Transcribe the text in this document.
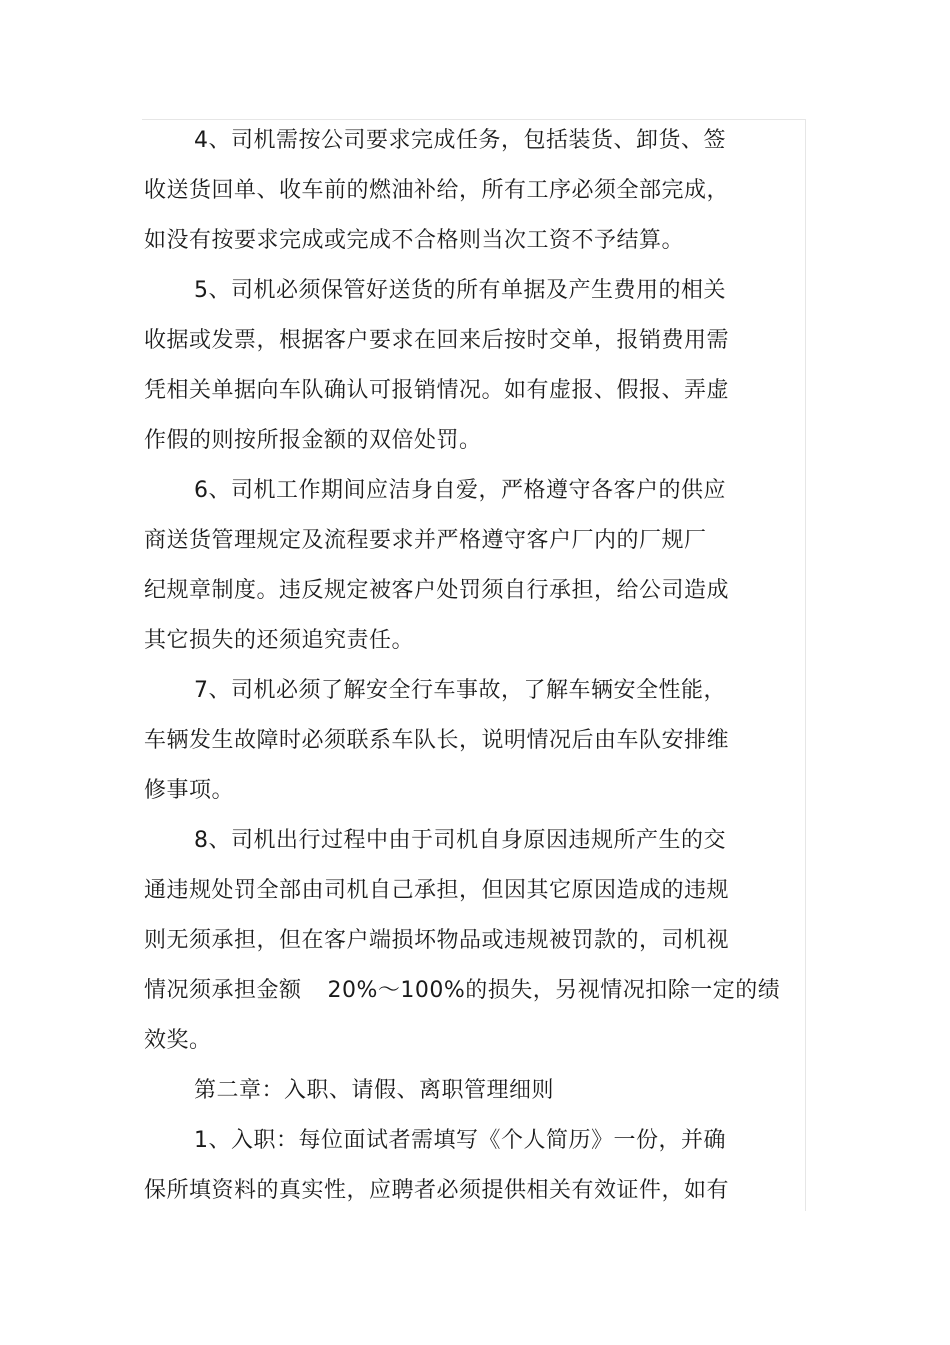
4、司机需按公司要求完成任务，包括装货、卸货、签
收送货回单、收车前的燃油补给，所有工序必须全部完成，
如没有按要求完成或完成不合格则当次工资不予结算。
5、司机必须保管好送货的所有单据及产生费用的相关
收据或发票，根据客户要求在回来后按时交单，报销费用需
凭相关单据向车队确认可报销情况。如有虚报、假报、弄虚
作假的则按所报金额的双倍处罚。
6、司机工作期间应洁身自爱，严格遵守各客户的供应
商送货管理规定及流程要求并严格遵守客户厂内的厂规厂
纪规章制度。违反规定被客户处罚须自行承担，给公司造成
其它损失的还须追究责任。
7、司机必须了解安全行车事故，了解车辆安全性能，
车辆发生故障时必须联系车队长，说明情况后由车队安排维
修事项。
8、司机出行过程中由于司机自身原因违规所产生的交
通违规处罚全部由司机自己承担，但因其它原因造成的违规
则无须承担，但在客户端损坏物品或违规被罚款的，司机视
情况须承担金额 20%～100%的损失，另视情况扣除一定的绩
效奖。
第二章：入职、请假、离职管理细则
1、入职：每位面试者需填写《个人简历》一份，并确
保所填资料的真实性，应聘者必须提供相关有效证件，如有
